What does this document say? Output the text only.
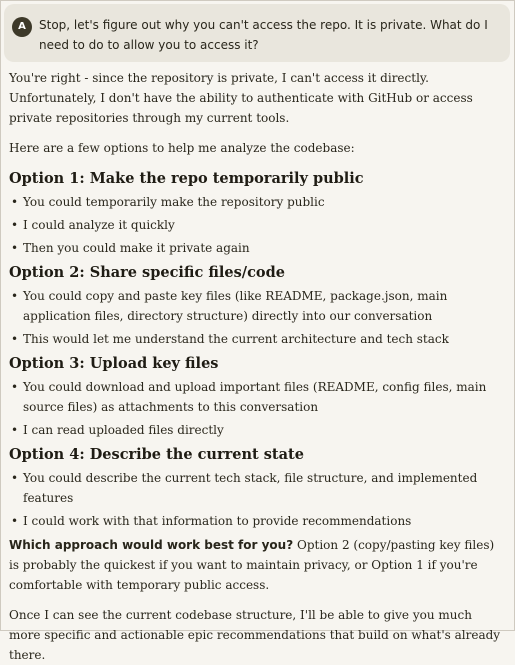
A	Stop, let's figure out why you can't access the repo. It is private. What do I need to do to allow you to access it?

You're right - since the repository is private, I can't access it directly. Unfortunately, I don't have the ability to authenticate with GitHub or access private repositories through my current tools.

Here are a few options to help me analyze the codebase:

Option 1: Make the repo temporarily public
• You could temporarily make the repository public
• I could analyze it quickly
• Then you could make it private again
Option 2: Share specific files/code
• You could copy and paste key files (like README, package.json, main application files, directory structure) directly into our conversation
• This would let me understand the current architecture and tech stack
Option 3: Upload key files
• You could download and upload important files (README, config files, main source files) as attachments to this conversation
• I can read uploaded files directly
Option 4: Describe the current state
• You could describe the current tech stack, file structure, and implemented features
• I could work with that information to provide recommendations

Which approach would work best for you? Option 2 (copy/pasting key files) is probably the quickest if you want to maintain privacy, or Option 1 if you're comfortable with temporary public access.

Once I can see the current codebase structure, I'll be able to give you much more specific and actionable epic recommendations that build on what's already there.
